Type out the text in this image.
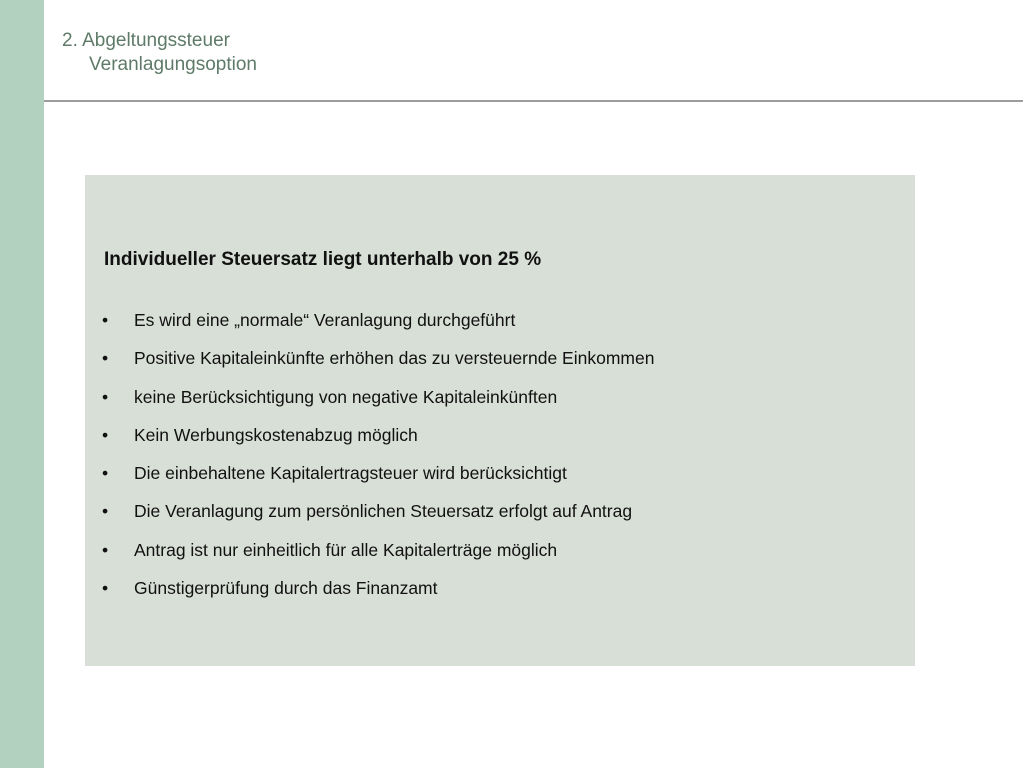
2. Abgeltungssteuer
Veranlagungsoption
Individueller Steuersatz liegt unterhalb von 25 %
• Es wird eine „normale“ Veranlagung durchgeführt
• Positive Kapitaleinkünfte erhöhen das zu versteuernde Einkommen
• keine Berücksichtigung von negative Kapitaleinkünften
• Kein Werbungskostenabzug möglich
• Die einbehaltene Kapitalertragsteuer wird berücksichtigt
• Die Veranlagung zum persönlichen Steuersatz erfolgt auf Antrag
• Antrag ist nur einheitlich für alle Kapitalerträge möglich
• Günstigerprüfung durch das Finanzamt
